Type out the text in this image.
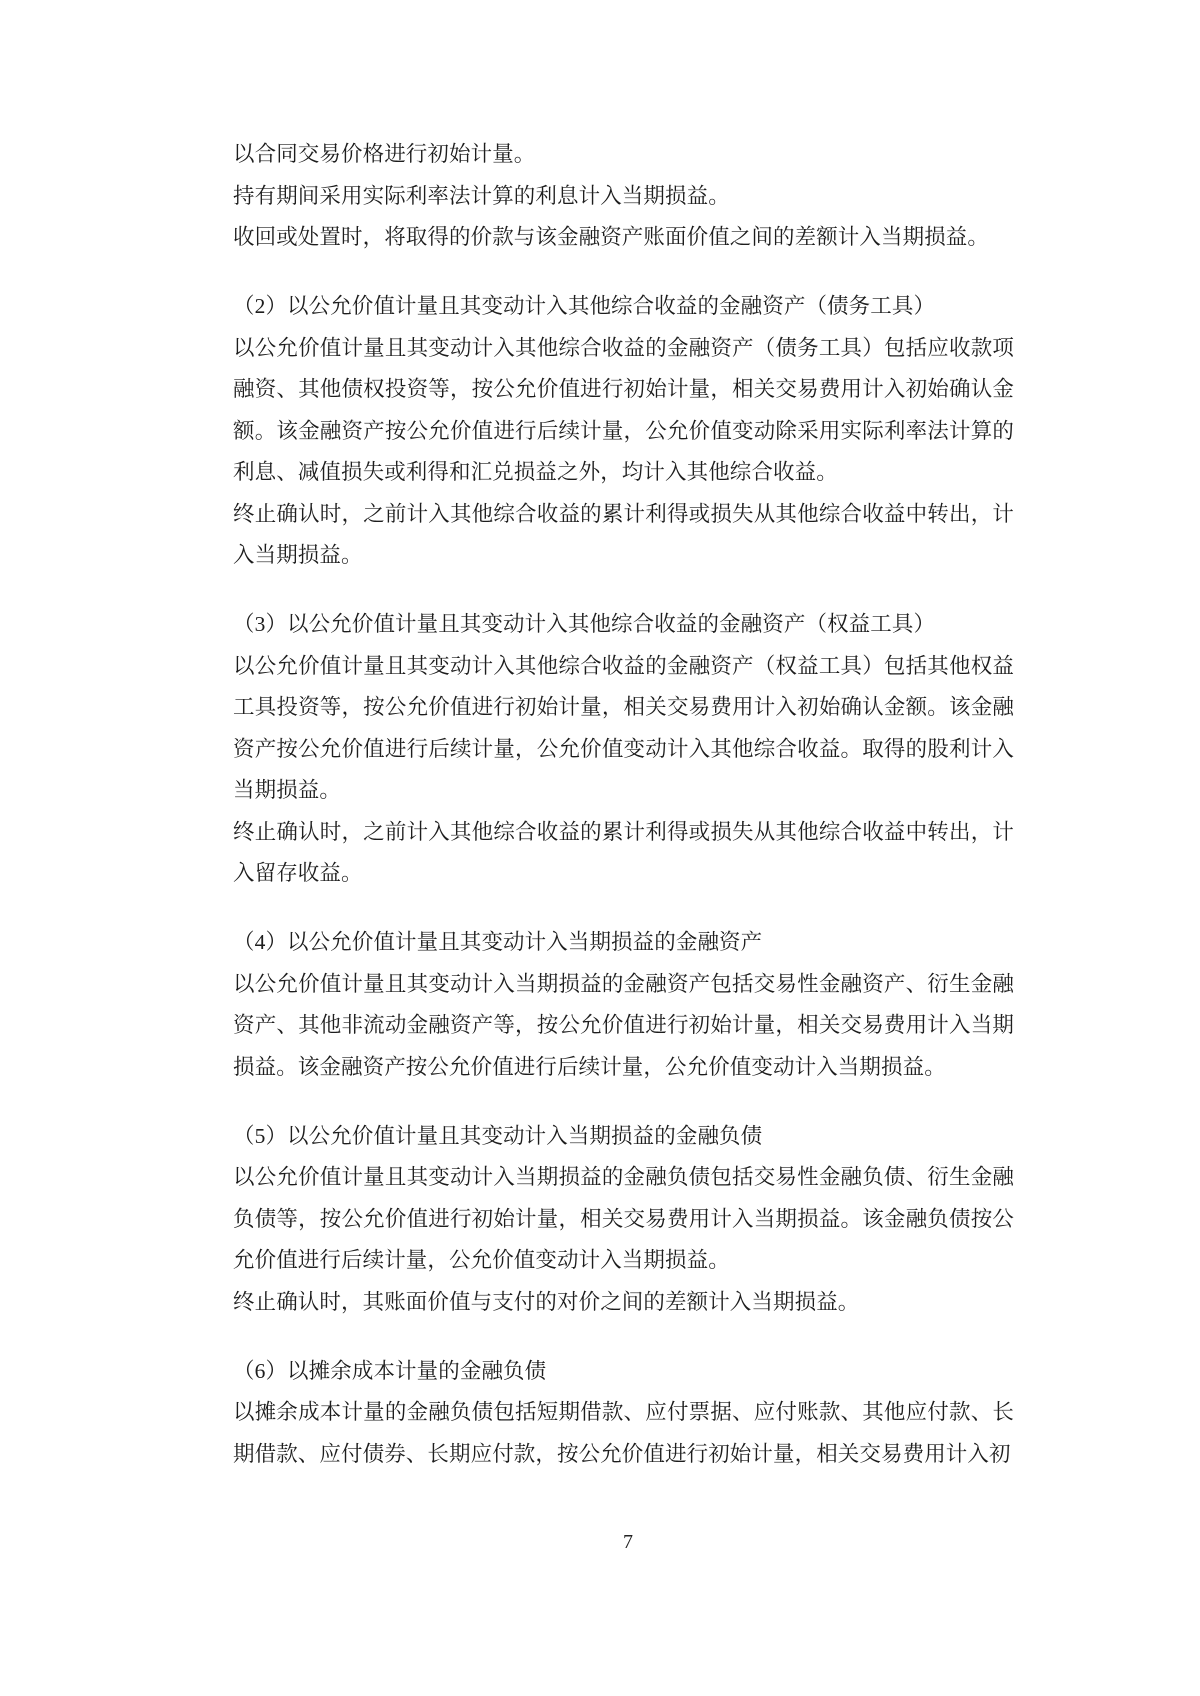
以合同交易价格进行初始计量。

持有期间采用实际利率法计算的利息计入当期损益。

收回或处置时，将取得的价款与该金融资产账面价值之间的差额计入当期损益。

（2）以公允价值计量且其变动计入其他综合收益的金融资产（债务工具）

以公允价值计量且其变动计入其他综合收益的金融资产（债务工具）包括应收款项融资、其他债权投资等，按公允价值进行初始计量，相关交易费用计入初始确认金额。该金融资产按公允价值进行后续计量，公允价值变动除采用实际利率法计算的利息、减值损失或利得和汇兑损益之外，均计入其他综合收益。

终止确认时，之前计入其他综合收益的累计利得或损失从其他综合收益中转出，计入当期损益。

（3）以公允价值计量且其变动计入其他综合收益的金融资产（权益工具）

以公允价值计量且其变动计入其他综合收益的金融资产（权益工具）包括其他权益工具投资等，按公允价值进行初始计量，相关交易费用计入初始确认金额。该金融资产按公允价值进行后续计量，公允价值变动计入其他综合收益。取得的股利计入当期损益。

终止确认时，之前计入其他综合收益的累计利得或损失从其他综合收益中转出，计入留存收益。

（4）以公允价值计量且其变动计入当期损益的金融资产

以公允价值计量且其变动计入当期损益的金融资产包括交易性金融资产、衍生金融资产、其他非流动金融资产等，按公允价值进行初始计量，相关交易费用计入当期损益。该金融资产按公允价值进行后续计量，公允价值变动计入当期损益。

（5）以公允价值计量且其变动计入当期损益的金融负债

以公允价值计量且其变动计入当期损益的金融负债包括交易性金融负债、衍生金融负债等，按公允价值进行初始计量，相关交易费用计入当期损益。该金融负债按公允价值进行后续计量，公允价值变动计入当期损益。

终止确认时，其账面价值与支付的对价之间的差额计入当期损益。

（6）以摊余成本计量的金融负债

以摊余成本计量的金融负债包括短期借款、应付票据、应付账款、其他应付款、长期借款、应付债券、长期应付款，按公允价值进行初始计量，相关交易费用计入初

7
